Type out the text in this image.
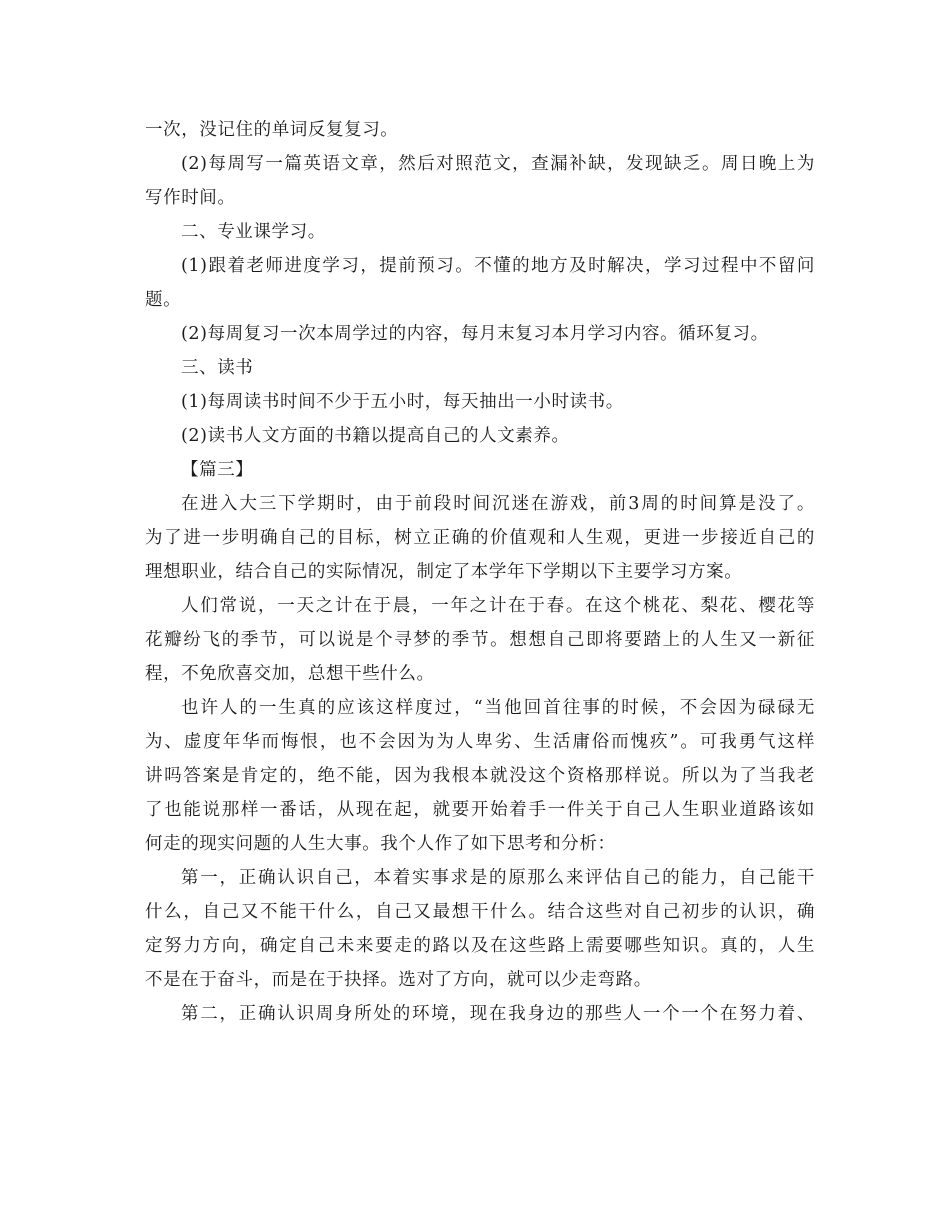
一次，没记住的单词反复复习。
(2)每周写一篇英语文章，然后对照范文，查漏补缺，发现缺乏。周日晚上为
写作时间。
二、专业课学习。
(1)跟着老师进度学习，提前预习。不懂的地方及时解决，学习过程中不留问
题。
(2)每周复习一次本周学过的内容，每月末复习本月学习内容。循环复习。
三、读书
(1)每周读书时间不少于五小时，每天抽出一小时读书。
(2)读书人文方面的书籍以提高自己的人文素养。
【篇三】
在进入大三下学期时，由于前段时间沉迷在游戏，前3周的时间算是没了。
为了进一步明确自己的目标，树立正确的价值观和人生观，更进一步接近自己的
理想职业，结合自己的实际情况，制定了本学年下学期以下主要学习方案。
人们常说，一天之计在于晨，一年之计在于春。在这个桃花、梨花、樱花等
花瓣纷飞的季节，可以说是个寻梦的季节。想想自己即将要踏上的人生又一新征
程，不免欣喜交加，总想干些什么。
也许人的一生真的应该这样度过，“当他回首往事的时候，不会因为碌碌无
为、虚度年华而悔恨，也不会因为为人卑劣、生活庸俗而愧疚”。可我勇气这样
讲吗答案是肯定的，绝不能，因为我根本就没这个资格那样说。所以为了当我老
了也能说那样一番话，从现在起，就要开始着手一件关于自己人生职业道路该如
何走的现实问题的人生大事。我个人作了如下思考和分析：
第一，正确认识自己，本着实事求是的原那么来评估自己的能力，自己能干
什么，自己又不能干什么，自己又最想干什么。结合这些对自己初步的认识，确
定努力方向，确定自己未来要走的路以及在这些路上需要哪些知识。真的，人生
不是在于奋斗，而是在于抉择。选对了方向，就可以少走弯路。
第二，正确认识周身所处的环境，现在我身边的那些人一个一个在努力着、
